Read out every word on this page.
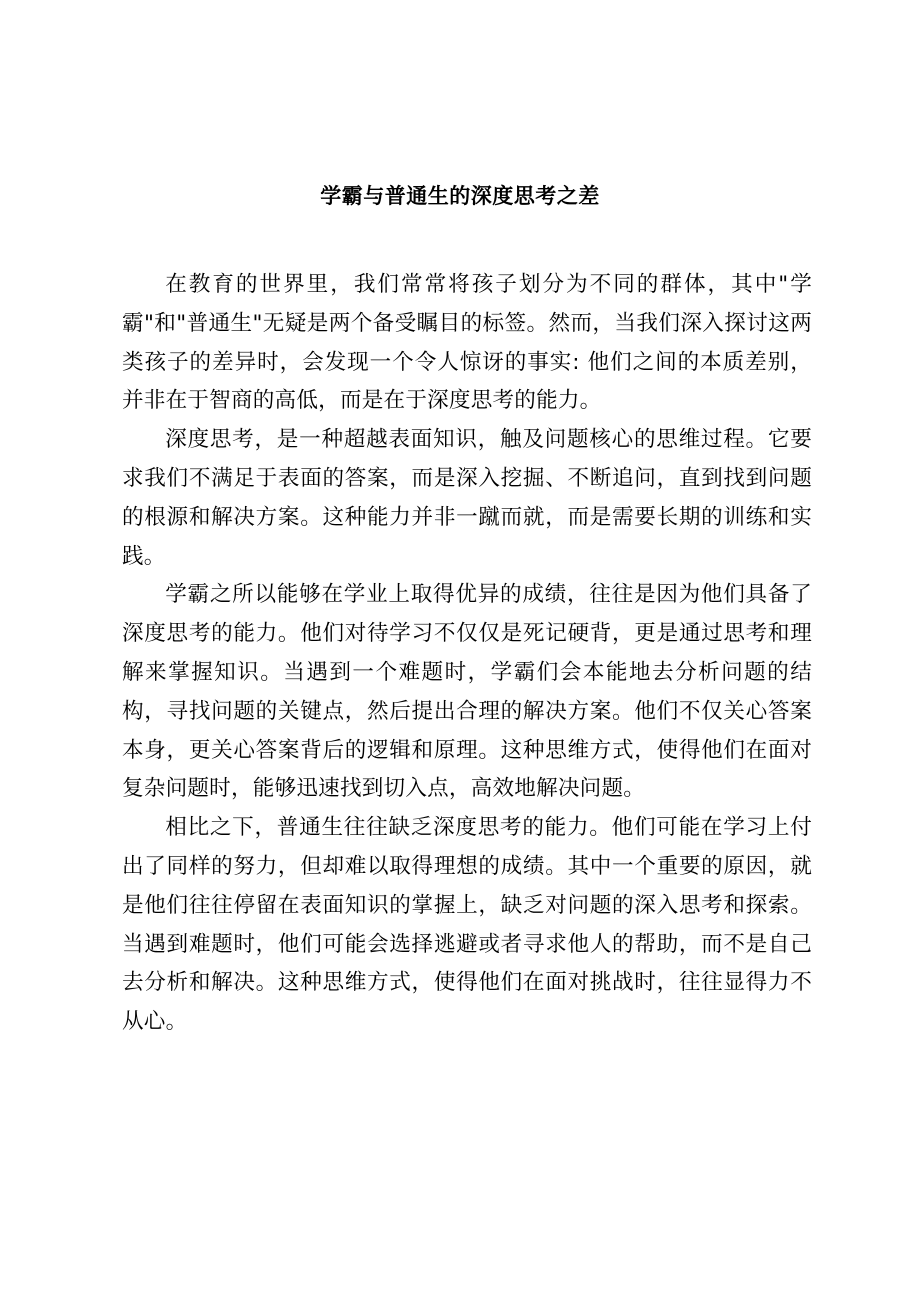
学霸与普通生的深度思考之差

在教育的世界里，我们常常将孩子划分为不同的群体，其中"学霸"和"普通生"无疑是两个备受瞩目的标签。然而，当我们深入探讨这两类孩子的差异时，会发现一个令人惊讶的事实: 他们之间的本质差别，并非在于智商的高低，而是在于深度思考的能力。

深度思考，是一种超越表面知识，触及问题核心的思维过程。它要求我们不满足于表面的答案，而是深入挖掘、不断追问，直到找到问题的根源和解决方案。这种能力并非一蹴而就，而是需要长期的训练和实践。

学霸之所以能够在学业上取得优异的成绩，往往是因为他们具备了深度思考的能力。他们对待学习不仅仅是死记硬背，更是通过思考和理解来掌握知识。当遇到一个难题时，学霸们会本能地去分析问题的结构，寻找问题的关键点，然后提出合理的解决方案。他们不仅关心答案本身，更关心答案背后的逻辑和原理。这种思维方式，使得他们在面对复杂问题时，能够迅速找到切入点，高效地解决问题。

相比之下，普通生往往缺乏深度思考的能力。他们可能在学习上付出了同样的努力，但却难以取得理想的成绩。其中一个重要的原因，就是他们往往停留在表面知识的掌握上，缺乏对问题的深入思考和探索。当遇到难题时，他们可能会选择逃避或者寻求他人的帮助，而不是自己去分析和解决。这种思维方式，使得他们在面对挑战时，往往显得力不从心。
